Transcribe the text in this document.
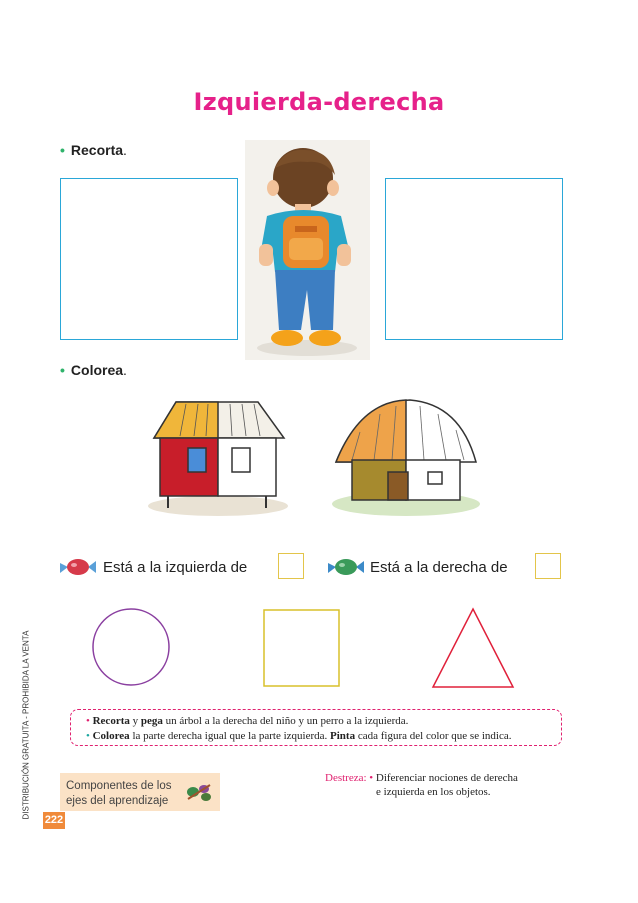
Izquierda-derecha
• Recorta.
• Colorea.
Está a la izquierda de	Está a la derecha de
• Recorta y pega un árbol a la derecha del niño y un perro a la izquierda.
• Colorea la parte derecha igual que la parte izquierda. Pinta cada figura del color que se indica.
Componentes de los ejes del aprendizaje
222
DISTRIBUCIÓN GRATUITA - PROHIBIDA LA VENTA	Destreza: • Diferenciar nociones de derecha
e izquierda en los objetos.
